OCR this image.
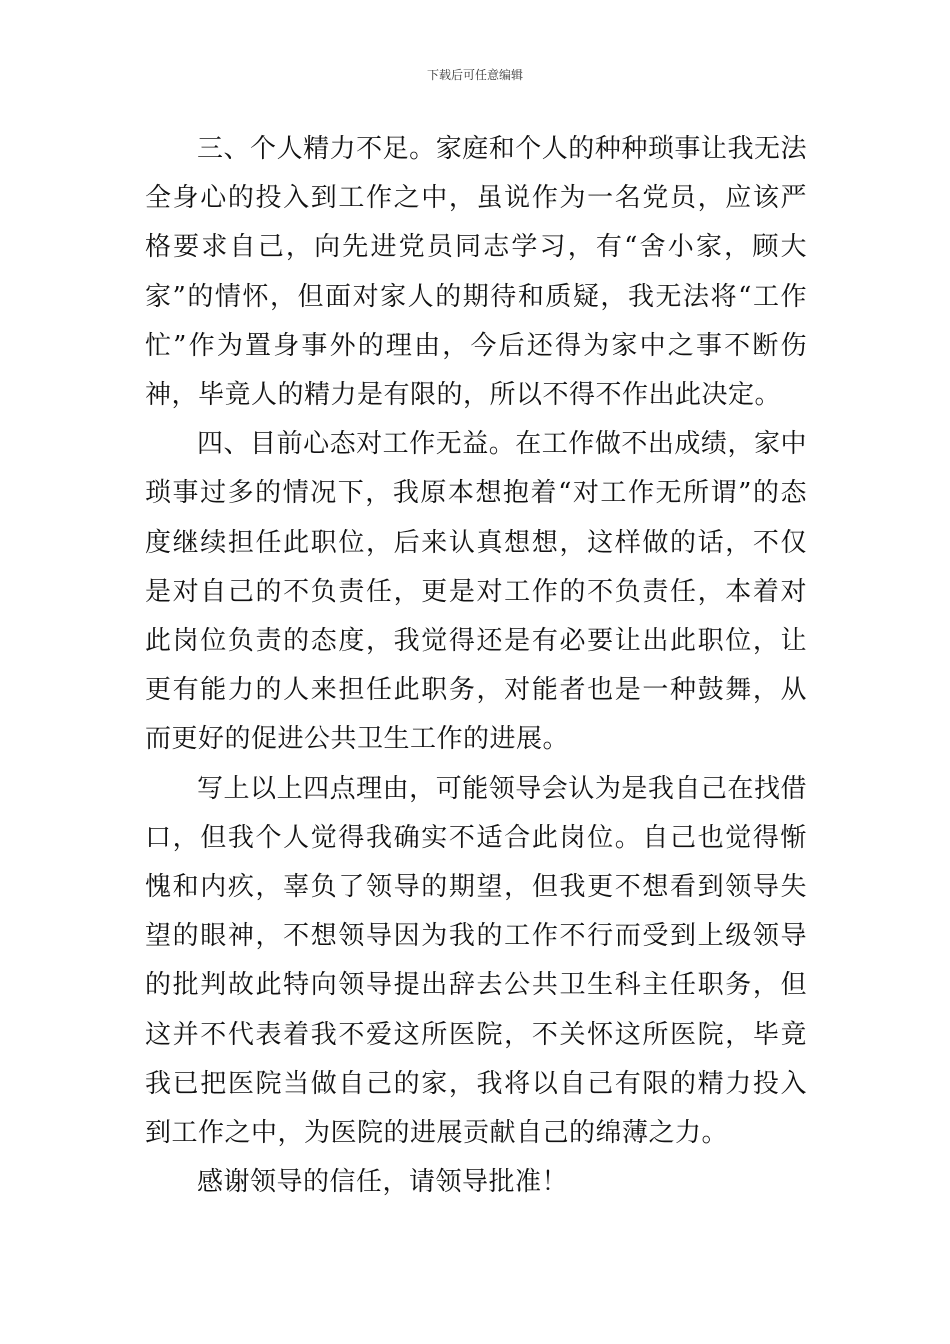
下载后可任意编辑

三、个人精力不足。家庭和个人的种种琐事让我无法全身心的投入到工作之中，虽说作为一名党员，应该严格要求自己，向先进党员同志学习，有“舍小家，顾大家”的情怀，但面对家人的期待和质疑，我无法将“工作忙”作为置身事外的理由，今后还得为家中之事不断伤神，毕竟人的精力是有限的，所以不得不作出此决定。

四、目前心态对工作无益。在工作做不出成绩，家中琐事过多的情况下，我原本想抱着“对工作无所谓”的态度继续担任此职位，后来认真想想，这样做的话，不仅是对自己的不负责任，更是对工作的不负责任，本着对此岗位负责的态度，我觉得还是有必要让出此职位，让更有能力的人来担任此职务，对能者也是一种鼓舞，从而更好的促进公共卫生工作的进展。

写上以上四点理由，可能领导会认为是我自己在找借口，但我个人觉得我确实不适合此岗位。自己也觉得惭愧和内疚，辜负了领导的期望，但我更不想看到领导失望的眼神，不想领导因为我的工作不行而受到上级领导的批判故此特向领导提出辞去公共卫生科主任职务，但这并不代表着我不爱这所医院，不关怀这所医院，毕竟我已把医院当做自己的家，我将以自己有限的精力投入到工作之中，为医院的进展贡献自己的绵薄之力。

感谢领导的信任，请领导批准！
